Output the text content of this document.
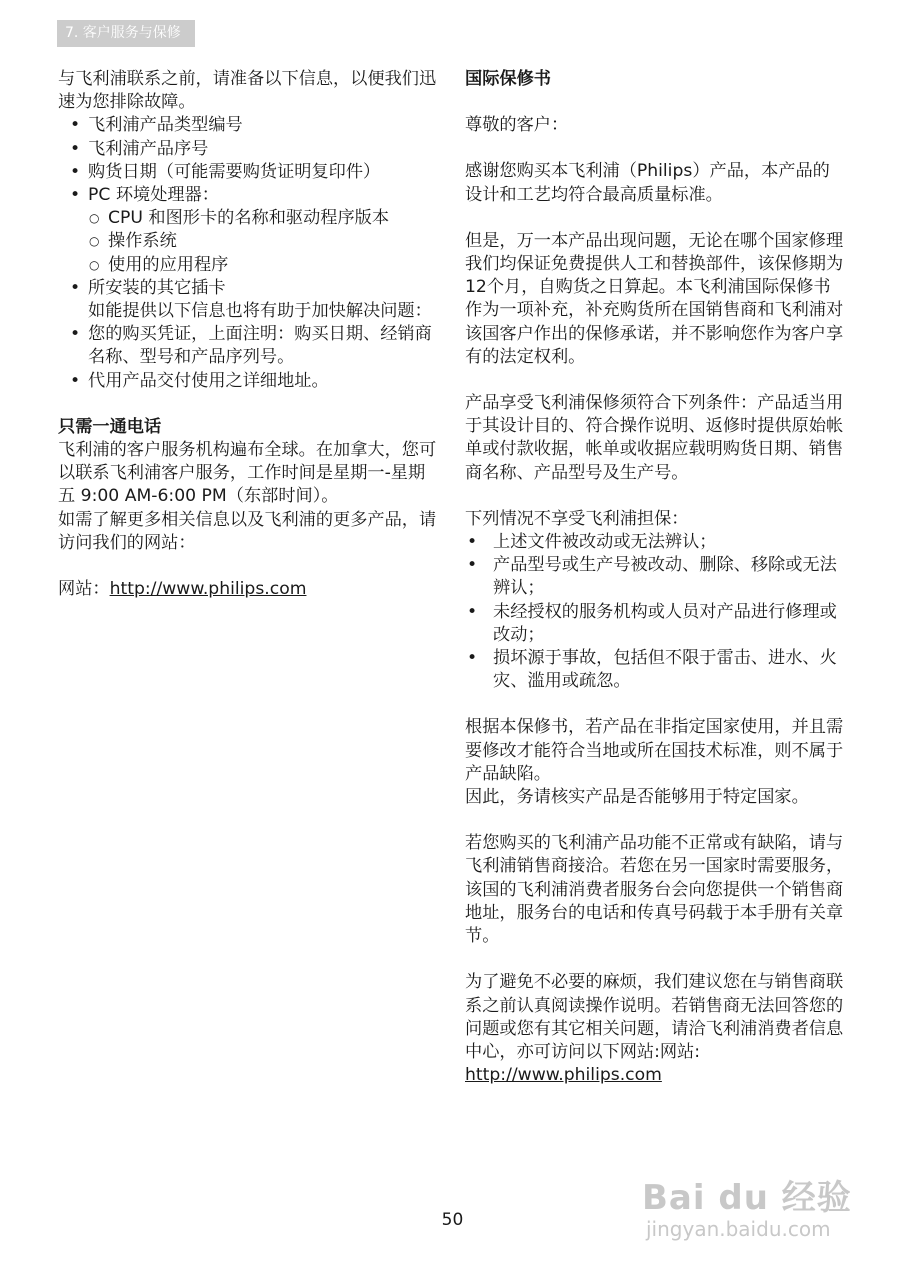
7. 客户服务与保修

与飞利浦联系之前，请准备以下信息，以便我们迅速为您排除故障。

• 飞利浦产品类型编号
• 飞利浦产品序号
• 购货日期（可能需要购货证明复印件）
• PC 环境处理器：
○ CPU 和图形卡的名称和驱动程序版本
○ 操作系统
○ 使用的应用程序
• 所安装的其它插卡
如能提供以下信息也将有助于加快解决问题：
• 您的购买凭证，上面注明：购买日期、经销商名称、型号和产品序列号。
• 代用产品交付使用之详细地址。

只需一通电话

飞利浦的客户服务机构遍布全球。在加拿大，您可以联系飞利浦客户服务，工作时间是星期一-星期五 9:00 AM-6:00 PM（东部时间）。

如需了解更多相关信息以及飞利浦的更多产品，请访问我们的网站：

网站：http://www.philips.com

国际保修书

尊敬的客户：

感谢您购买本飞利浦（Philips）产品，本产品的设计和工艺均符合最高质量标准。

但是，万一本产品出现问题，无论在哪个国家修理我们均保证免费提供人工和替换部件，该保修期为12个月，自购货之日算起。本飞利浦国际保修书作为一项补充，补充购货所在国销售商和飞利浦对该国客户作出的保修承诺，并不影响您作为客户享有的法定权利。

产品享受飞利浦保修须符合下列条件：产品适当用于其设计目的、符合操作说明、返修时提供原始帐单或付款收据，帐单或收据应载明购货日期、销售商名称、产品型号及生产号。

下列情况不享受飞利浦担保：

• 上述文件被改动或无法辨认；
• 产品型号或生产号被改动、删除、移除或无法辨认；
• 未经授权的服务机构或人员对产品进行修理或改动；
• 损坏源于事故，包括但不限于雷击、进水、火灾、滥用或疏忽。

根据本保修书，若产品在非指定国家使用，并且需要修改才能符合当地或所在国技术标准，则不属于产品缺陷。

因此，务请核实产品是否能够用于特定国家。

若您购买的飞利浦产品功能不正常或有缺陷，请与飞利浦销售商接洽。若您在另一国家时需要服务，该国的飞利浦消费者服务台会向您提供一个销售商地址，服务台的电话和传真号码载于本手册有关章节。

为了避免不必要的麻烦，我们建议您在与销售商联系之前认真阅读操作说明。若销售商无法回答您的问题或您有其它相关问题，请洽飞利浦消费者信息中心，亦可访问以下网站:网站: http://www.philips.com

50
Bai du 经验
jingyan.baidu.com
